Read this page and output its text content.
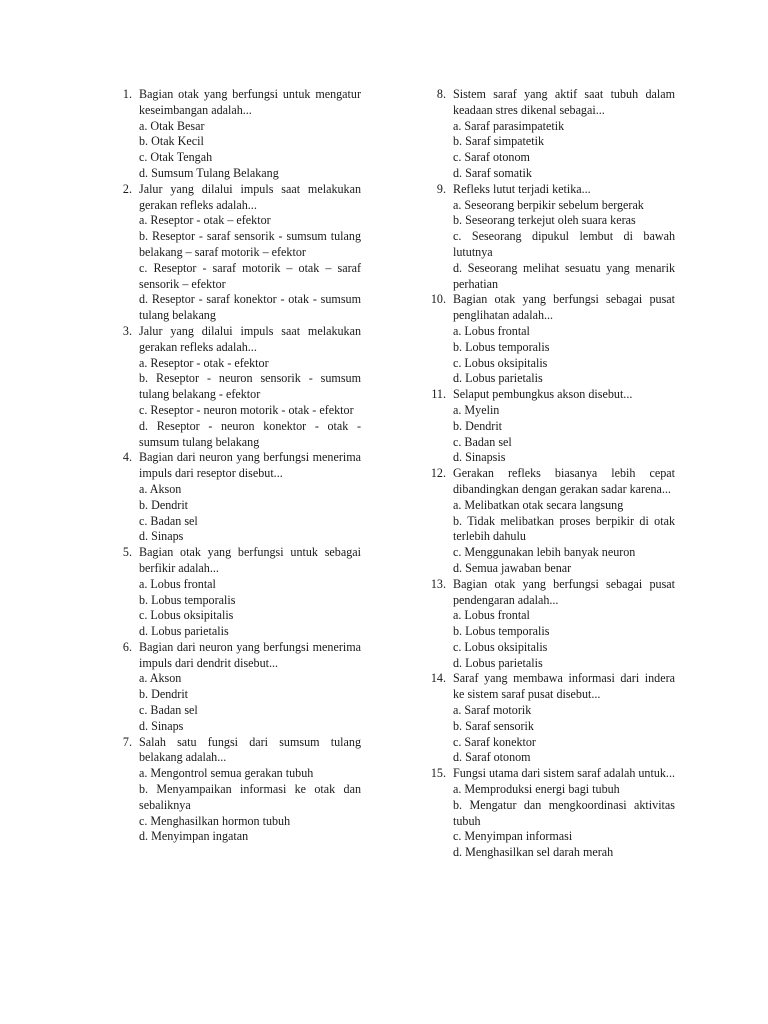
1. Bagian otak yang berfungsi untuk mengatur keseimbangan adalah...
a. Otak Besar
b. Otak Kecil
c. Otak Tengah
d. Sumsum Tulang Belakang
2. Jalur yang dilalui impuls saat melakukan gerakan refleks adalah...
a. Reseptor - otak – efektor
b. Reseptor - saraf sensorik - sumsum tulang belakang – saraf motorik – efektor
c. Reseptor - saraf motorik – otak – saraf sensorik – efektor
d. Reseptor - saraf konektor - otak - sumsum tulang belakang
3. Jalur yang dilalui impuls saat melakukan gerakan refleks adalah...
a. Reseptor - otak - efektor
b. Reseptor - neuron sensorik - sumsum tulang belakang - efektor
c. Reseptor - neuron motorik - otak - efektor
d. Reseptor - neuron konektor - otak - sumsum tulang belakang
4. Bagian dari neuron yang berfungsi menerima impuls dari reseptor disebut...
a. Akson
b. Dendrit
c. Badan sel
d. Sinaps
5. Bagian otak yang berfungsi untuk sebagai berfikir adalah...
a. Lobus frontal
b. Lobus temporalis
c. Lobus oksipitalis
d. Lobus parietalis
6. Bagian dari neuron yang berfungsi menerima impuls dari dendrit disebut...
a. Akson
b. Dendrit
c. Badan sel
d. Sinaps
7. Salah satu fungsi dari sumsum tulang belakang adalah...
a. Mengontrol semua gerakan tubuh
b. Menyampaikan informasi ke otak dan sebaliknya
c. Menghasilkan hormon tubuh
d. Menyimpan ingatan
8. Sistem saraf yang aktif saat tubuh dalam keadaan stres dikenal sebagai...
a. Saraf parasimpatetik
b. Saraf simpatetik
c. Saraf otonom
d. Saraf somatik
9. Refleks lutut terjadi ketika...
a. Seseorang berpikir sebelum bergerak
b. Seseorang terkejut oleh suara keras
c. Seseorang dipukul lembut di bawah lututnya
d. Seseorang melihat sesuatu yang menarik perhatian
10. Bagian otak yang berfungsi sebagai pusat penglihatan adalah...
a. Lobus frontal
b. Lobus temporalis
c. Lobus oksipitalis
d. Lobus parietalis
11. Selaput pembungkus akson disebut...
a. Myelin
b. Dendrit
c. Badan sel
d. Sinapsis
12. Gerakan refleks biasanya lebih cepat dibandingkan dengan gerakan sadar karena...
a. Melibatkan otak secara langsung
b. Tidak melibatkan proses berpikir di otak terlebih dahulu
c. Menggunakan lebih banyak neuron
d. Semua jawaban benar
13. Bagian otak yang berfungsi sebagai pusat pendengaran adalah...
a. Lobus frontal
b. Lobus temporalis
c. Lobus oksipitalis
d. Lobus parietalis
14. Saraf yang membawa informasi dari indera ke sistem saraf pusat disebut...
a. Saraf motorik
b. Saraf sensorik
c. Saraf konektor
d. Saraf otonom
15. Fungsi utama dari sistem saraf adalah untuk...
a. Memproduksi energi bagi tubuh
b. Mengatur dan mengkoordinasi aktivitas tubuh
c. Menyimpan informasi
d. Menghasilkan sel darah merah
